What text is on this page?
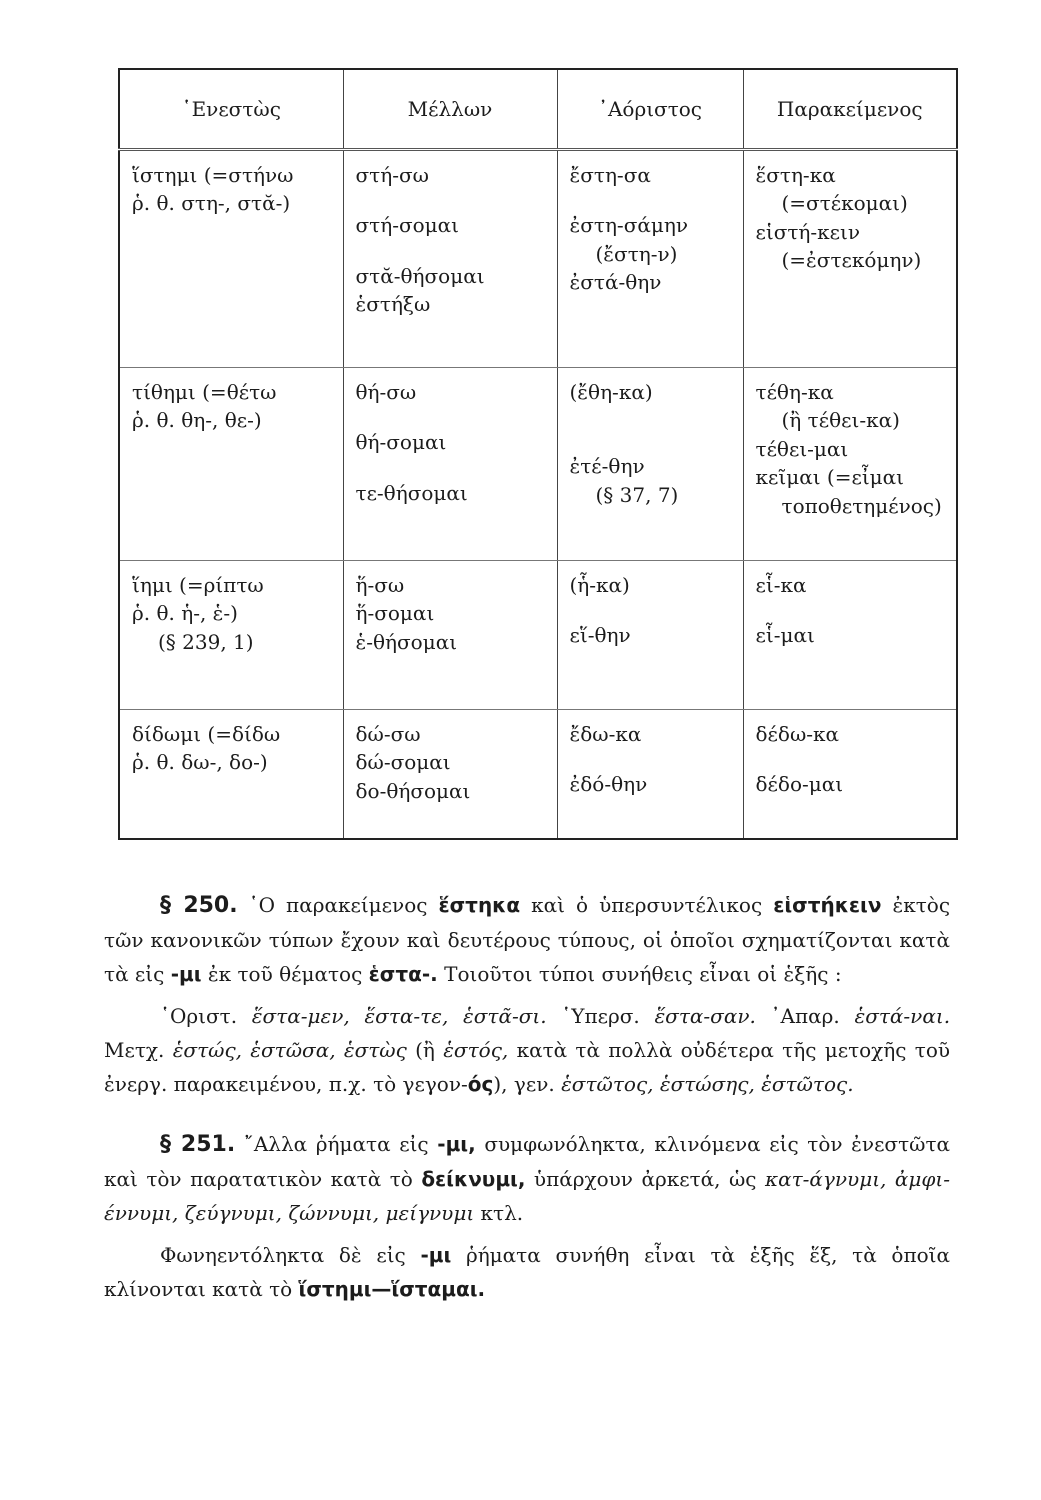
῾Ενεστὼς	Μέλλων	᾿Αόριστος	Παρακείμενος

ἵστημι (=στήνω
ῥ. θ. στη-, στᾰ-)	στή-σω
στή-σομαι
στᾰ-θήσομαι
ἑστήξω	ἔστη-σα
ἐστη-σάμην
(ἔστη-ν)
ἐστά-θην	ἕστη-κα
(=στέκομαι)
εἱστή-κειν
(=ἐστεκόμην)

τίθημι (=θέτω
ῥ. θ. θη-, θε-)	θή-σω
θή-σομαι
τε-θήσομαι	(ἔθη-κα)
ἐτέ-θην
(§ 37, 7)	τέθη-κα
(ἢ τέθει-κα)
τέθει-μαι
κεῖμαι (=εἶμαι
τοποθετημένος)

ἵημι (=ρίπτω
ῥ. θ. ἡ-, ἑ-)
(§ 239, 1)	ἥ-σω
ἥ-σομαι
ἑ-θήσομαι	(ἧ-κα)
εἵ-θην	εἷ-κα
εἷ-μαι

δίδωμι (=δίδω
ῥ. θ. δω-, δο-)	δώ-σω
δώ-σομαι
δο-θήσομαι	ἔδω-κα
ἐδό-θην	δέδω-κα
δέδο-μαι

§ 250. ῾Ο παρακείμενος ἕστηκα καὶ ὁ ὑπερσυντέλικος εἱστήκειν ἐκτὸς τῶν κανονικῶν τύπων ἔχουν καὶ δευτέρους τύπους, οἱ ὁποῖοι σχηματίζονται κατὰ τὰ εἰς -μι ἐκ τοῦ θέματος ἑστα-. Τοιοῦτοι τύποι συνήθεις εἶναι οἱ ἑξῆς :

῾Οριστ. ἕστα-μεν, ἕστα-τε, ἑστᾶ-σι. ῾Υπερσ. ἕστα-σαν. ᾿Απαρ. ἑστά-ναι. Μετχ. ἑστώς, ἑστῶσα, ἑστὼς (ἢ ἑστός, κατὰ τὰ πολλὰ οὐδέτερα τῆς μετοχῆς τοῦ ἐνεργ. παρακειμένου, π.χ. τὸ γεγον-ός), γεν. ἑστῶτος, ἑστώσης, ἑστῶτος.

§ 251. ῎Αλλα ῥήματα εἰς -μι, συμφωνόληκτα, κλινόμενα εἰς τὸν ἐνεστῶτα καὶ τὸν παρατατικὸν κατὰ τὸ δείκνυμι, ὑπάρχουν ἀρκετά, ὡς κατ-άγνυμι, ἀμφι-έννυμι, ζεύγνυμι, ζώννυμι, μείγνυμι κτλ.

Φωνηεντόληκτα δὲ εἰς -μι ῥήματα συνήθη εἶναι τὰ ἑξῆς ἕξ, τὰ ὁποῖα κλίνονται κατὰ τὸ ἵστημι—ἵσταμαι.
